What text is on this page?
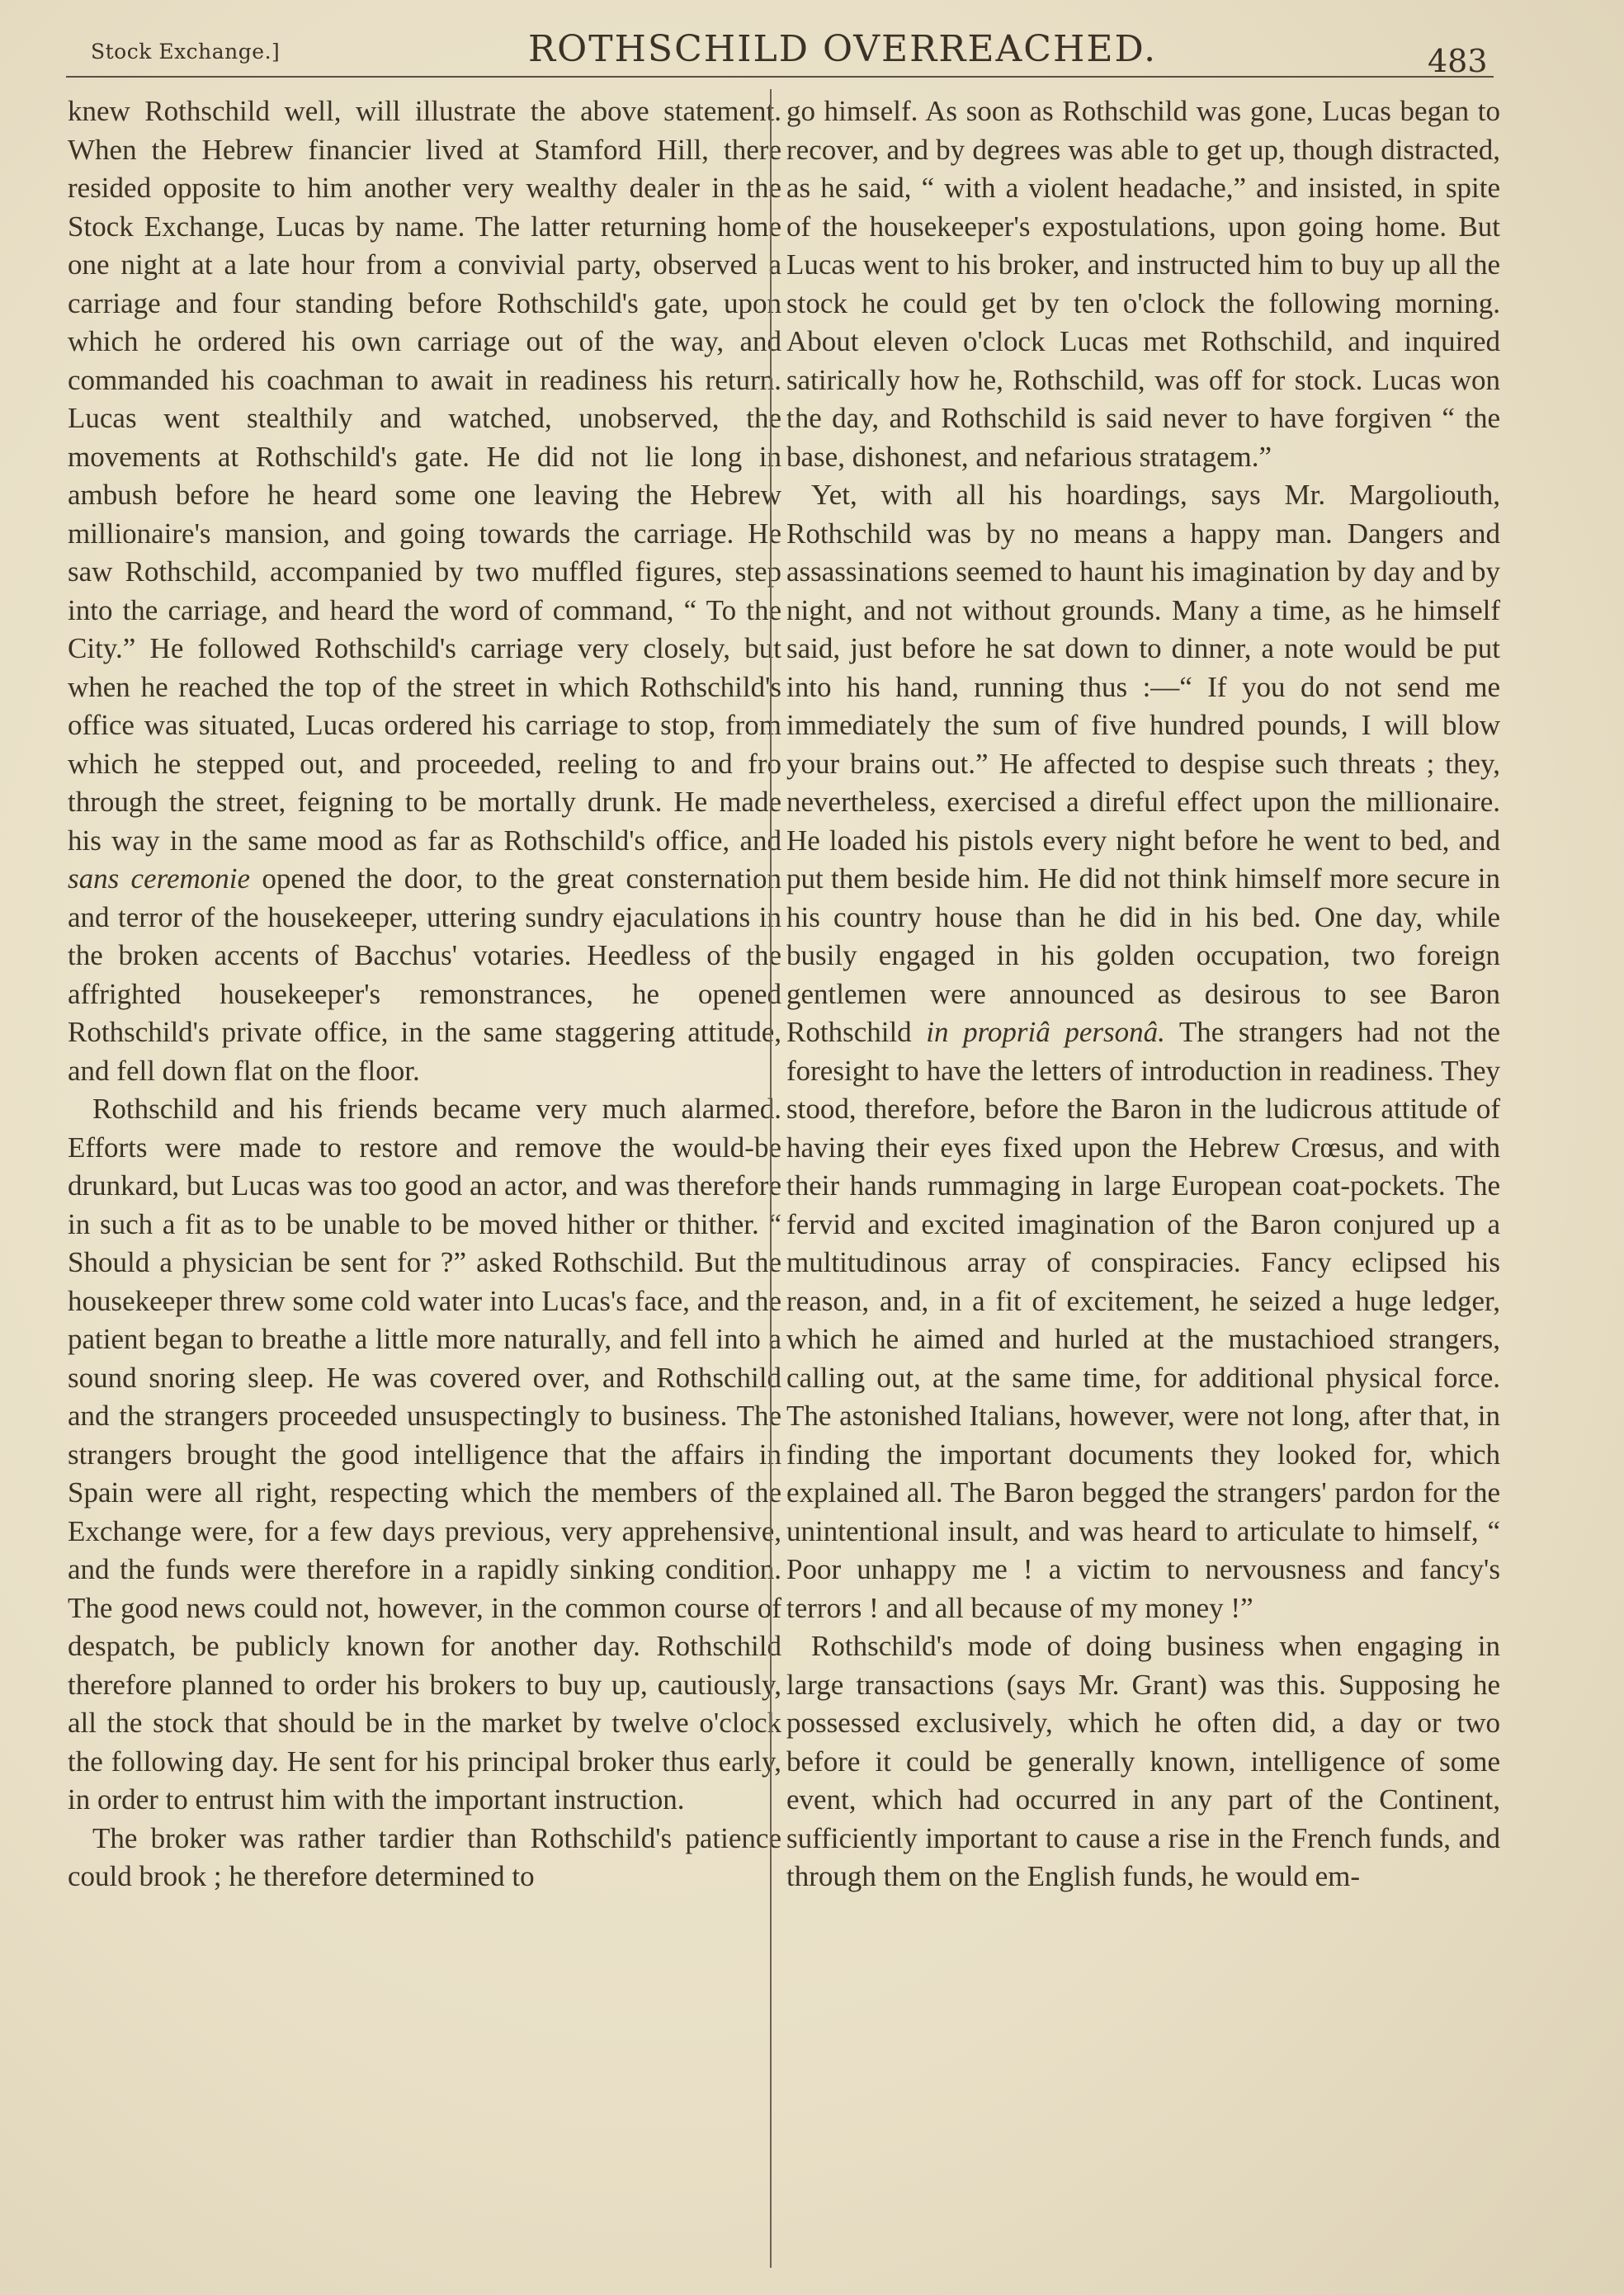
Stock Exchange.]	ROTHSCHILD OVERREACHED.	483

knew Rothschild well, will illustrate the above statement. When the Hebrew financier lived at Stamford Hill, there resided opposite to him another very wealthy dealer in the Stock Exchange, Lucas by name. The latter returning home one night at a late hour from a convivial party, observed a carriage and four standing before Rothschild's gate, upon which he ordered his own carriage out of the way, and commanded his coachman to await in readiness his return. Lucas went stealthily and watched, unobserved, the movements at Rothschild's gate. He did not lie long in ambush before he heard some one leaving the Hebrew millionaire's mansion, and going towards the carriage. He saw Rothschild, accompanied by two muffled figures, step into the carriage, and heard the word of command, “ To the City.” He followed Rothschild's carriage very closely, but when he reached the top of the street in which Rothschild's office was situated, Lucas ordered his carriage to stop, from which he stepped out, and proceeded, reeling to and fro through the street, feigning to be mortally drunk. He made his way in the same mood as far as Rothschild's office, and sans ceremonie opened the door, to the great consternation and terror of the housekeeper, uttering sundry ejaculations in the broken accents of Bacchus' votaries. Heedless of the affrighted housekeeper's remonstrances, he opened Rothschild's private office, in the same staggering attitude, and fell down flat on the floor.

Rothschild and his friends became very much alarmed. Efforts were made to restore and remove the would-be drunkard, but Lucas was too good an actor, and was therefore in such a fit as to be unable to be moved hither or thither. “ Should a physician be sent for ?” asked Rothschild. But the housekeeper threw some cold water into Lucas's face, and the patient began to breathe a little more naturally, and fell into a sound snoring sleep. He was covered over, and Rothschild and the strangers proceeded unsuspectingly to business. The strangers brought the good intelligence that the affairs in Spain were all right, respecting which the members of the Exchange were, for a few days previous, very apprehensive, and the funds were therefore in a rapidly sinking condition. The good news could not, however, in the common course of despatch, be publicly known for another day. Rothschild therefore planned to order his brokers to buy up, cautiously, all the stock that should be in the market by twelve o'clock the following day. He sent for his principal broker thus early, in order to entrust him with the important instruction.

The broker was rather tardier than Rothschild's patience could brook ; he therefore determined to

go himself. As soon as Rothschild was gone, Lucas began to recover, and by degrees was able to get up, though distracted, as he said, “ with a violent headache,” and insisted, in spite of the housekeeper's expostulations, upon going home. But Lucas went to his broker, and instructed him to buy up all the stock he could get by ten o'clock the following morning. About eleven o'clock Lucas met Rothschild, and inquired satirically how he, Rothschild, was off for stock. Lucas won the day, and Rothschild is said never to have forgiven “ the base, dishonest, and nefarious stratagem.”

Yet, with all his hoardings, says Mr. Margoliouth, Rothschild was by no means a happy man. Dangers and assassinations seemed to haunt his imagination by day and by night, and not without grounds. Many a time, as he himself said, just before he sat down to dinner, a note would be put into his hand, running thus :—“ If you do not send me immediately the sum of five hundred pounds, I will blow your brains out.” He affected to despise such threats ; they, nevertheless, exercised a direful effect upon the millionaire. He loaded his pistols every night before he went to bed, and put them beside him. He did not think himself more secure in his country house than he did in his bed. One day, while busily engaged in his golden occupation, two foreign gentlemen were announced as desirous to see Baron Rothschild in propriâ personâ. The strangers had not the foresight to have the letters of introduction in readiness. They stood, therefore, before the Baron in the ludicrous attitude of having their eyes fixed upon the Hebrew Crœsus, and with their hands rummaging in large European coat-pockets. The fervid and excited imagination of the Baron conjured up a multitudinous array of conspiracies. Fancy eclipsed his reason, and, in a fit of excitement, he seized a huge ledger, which he aimed and hurled at the mustachioed strangers, calling out, at the same time, for additional physical force. The astonished Italians, however, were not long, after that, in finding the important documents they looked for, which explained all. The Baron begged the strangers' pardon for the unintentional insult, and was heard to articulate to himself, “ Poor unhappy me ! a victim to nervousness and fancy's terrors ! and all because of my money !”

Rothschild's mode of doing business when engaging in large transactions (says Mr. Grant) was this. Supposing he possessed exclusively, which he often did, a day or two before it could be generally known, intelligence of some event, which had occurred in any part of the Continent, sufficiently important to cause a rise in the French funds, and through them on the English funds, he would em-
